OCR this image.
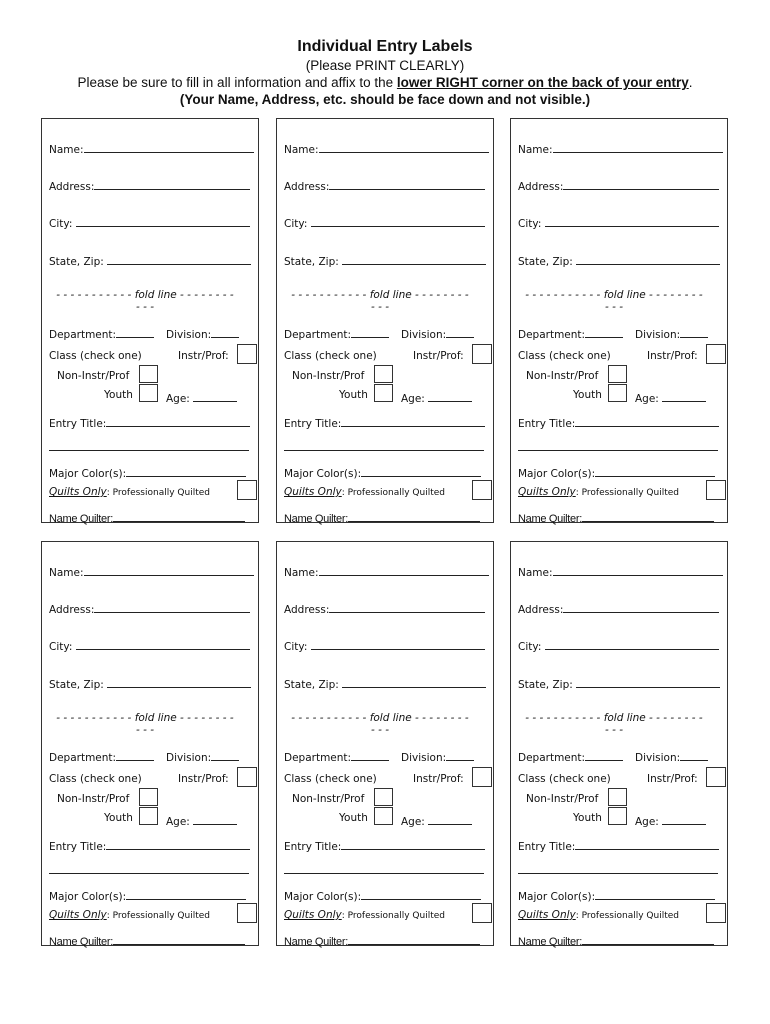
Individual Entry Labels
(Please PRINT CLEARLY)
Please be sure to fill in all information and affix to the lower RIGHT corner on the back of your entry.
(Your Name, Address, etc. should be face down and not visible.)
Name:
Address:
City:
State, Zip:
- - - - - - - - - - - fold line - - - - - - - - - - -
Department:	Division:
Class (check one)	Instr/Prof:
Non-Instr/Prof
Youth	Age:
Entry Title:
Major Color(s):
Quilts Only: Professionally Quilted
Name Quilter:
Name:
Address:
City:
State, Zip:
- - - - - - - - - - - fold line - - - - - - - - - - -
Department:	Division:
Class (check one)	Instr/Prof:
Non-Instr/Prof
Youth	Age:
Entry Title:
Major Color(s):
Quilts Only: Professionally Quilted
Name Quilter:
Name:
Address:
City:
State, Zip:
- - - - - - - - - - - fold line - - - - - - - - - - -
Department:	Division:
Class (check one)	Instr/Prof:
Non-Instr/Prof
Youth	Age:
Entry Title:
Major Color(s):
Quilts Only: Professionally Quilted
Name Quilter:
Name:
Address:
City:
State, Zip:
- - - - - - - - - - - fold line - - - - - - - - - - -
Department:	Division:
Class (check one)	Instr/Prof:
Non-Instr/Prof
Youth	Age:
Entry Title:
Major Color(s):
Quilts Only: Professionally Quilted
Name Quilter:
Name:
Address:
City:
State, Zip:
- - - - - - - - - - - fold line - - - - - - - - - - -
Department:	Division:
Class (check one)	Instr/Prof:
Non-Instr/Prof
Youth	Age:
Entry Title:
Major Color(s):
Quilts Only: Professionally Quilted
Name Quilter:
Name:
Address:
City:
State, Zip:
- - - - - - - - - - - fold line - - - - - - - - - - -
Department:	Division:
Class (check one)	Instr/Prof:
Non-Instr/Prof
Youth	Age:
Entry Title:
Major Color(s):
Quilts Only: Professionally Quilted
Name Quilter:
